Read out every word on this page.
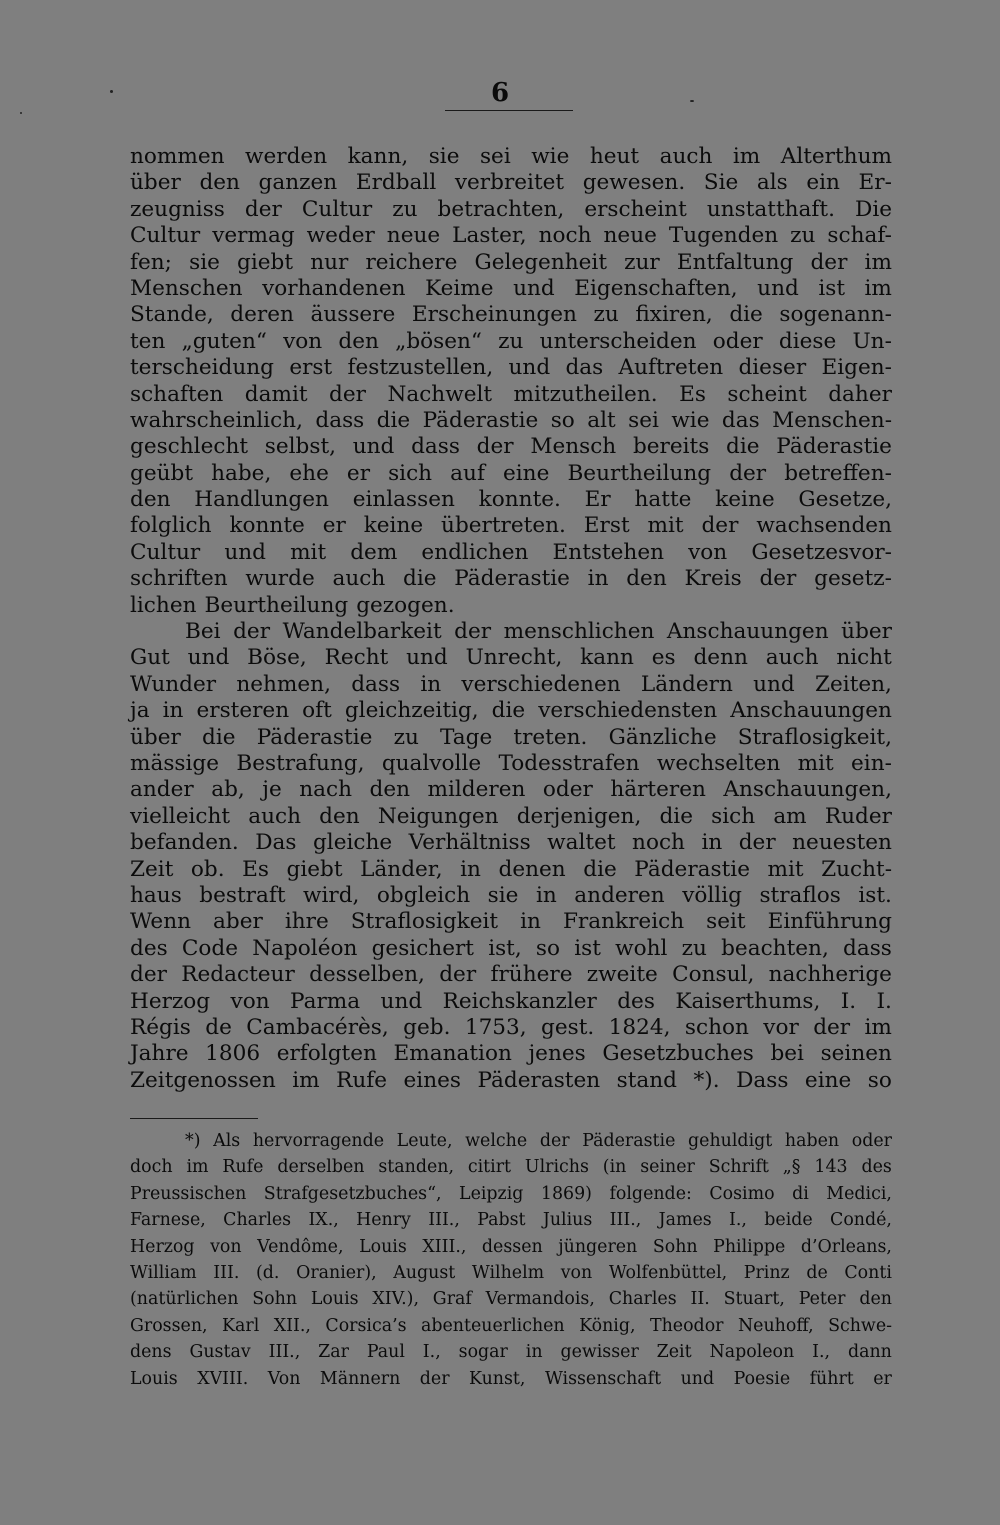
6
nommen werden kann, sie sei wie heut auch im Alterthum
über den ganzen Erdball verbreitet gewesen. Sie als ein Er-
zeugniss der Cultur zu betrachten, erscheint unstatthaft. Die
Cultur vermag weder neue Laster, noch neue Tugenden zu schaf-
fen; sie giebt nur reichere Gelegenheit zur Entfaltung der im
Menschen vorhandenen Keime und Eigenschaften, und ist im
Stande, deren äussere Erscheinungen zu fixiren, die sogenann-
ten „guten“ von den „bösen“ zu unterscheiden oder diese Un-
terscheidung erst festzustellen, und das Auftreten dieser Eigen-
schaften damit der Nachwelt mitzutheilen. Es scheint daher
wahrscheinlich, dass die Päderastie so alt sei wie das Menschen-
geschlecht selbst, und dass der Mensch bereits die Päderastie
geübt habe, ehe er sich auf eine Beurtheilung der betreffen-
den Handlungen einlassen konnte. Er hatte keine Gesetze,
folglich konnte er keine übertreten. Erst mit der wachsenden
Cultur und mit dem endlichen Entstehen von Gesetzesvor-
schriften wurde auch die Päderastie in den Kreis der gesetz-
lichen Beurtheilung gezogen.
Bei der Wandelbarkeit der menschlichen Anschauungen über
Gut und Böse, Recht und Unrecht, kann es denn auch nicht
Wunder nehmen, dass in verschiedenen Ländern und Zeiten,
ja in ersteren oft gleichzeitig, die verschiedensten Anschauungen
über die Päderastie zu Tage treten. Gänzliche Straflosigkeit,
mässige Bestrafung, qualvolle Todesstrafen wechselten mit ein-
ander ab, je nach den milderen oder härteren Anschauungen,
vielleicht auch den Neigungen derjenigen, die sich am Ruder
befanden. Das gleiche Verhältniss waltet noch in der neuesten
Zeit ob. Es giebt Länder, in denen die Päderastie mit Zucht-
haus bestraft wird, obgleich sie in anderen völlig straflos ist.
Wenn aber ihre Straflosigkeit in Frankreich seit Einführung
des Code Napoléon gesichert ist, so ist wohl zu beachten, dass
der Redacteur desselben, der frühere zweite Consul, nachherige
Herzog von Parma und Reichskanzler des Kaiserthums, I. I.
Régis de Cambacérès, geb. 1753, gest. 1824, schon vor der im
Jahre 1806 erfolgten Emanation jenes Gesetzbuches bei seinen
Zeitgenossen im Rufe eines Päderasten stand *). Dass eine so
*) Als hervorragende Leute, welche der Päderastie gehuldigt haben oder
doch im Rufe derselben standen, citirt Ulrichs (in seiner Schrift „§ 143 des
Preussischen Strafgesetzbuches“, Leipzig 1869) folgende: Cosimo di Medici,
Farnese, Charles IX., Henry III., Pabst Julius III., James I., beide Condé,
Herzog von Vendôme, Louis XIII., dessen jüngeren Sohn Philippe d’Orleans,
William III. (d. Oranier), August Wilhelm von Wolfenbüttel, Prinz de Conti
(natürlichen Sohn Louis XIV.), Graf Vermandois, Charles II. Stuart, Peter den
Grossen, Karl XII., Corsica’s abenteuerlichen König, Theodor Neuhoff, Schwe-
dens Gustav III., Zar Paul I., sogar in gewisser Zeit Napoleon I., dann
Louis XVIII. Von Männern der Kunst, Wissenschaft und Poesie führt er
